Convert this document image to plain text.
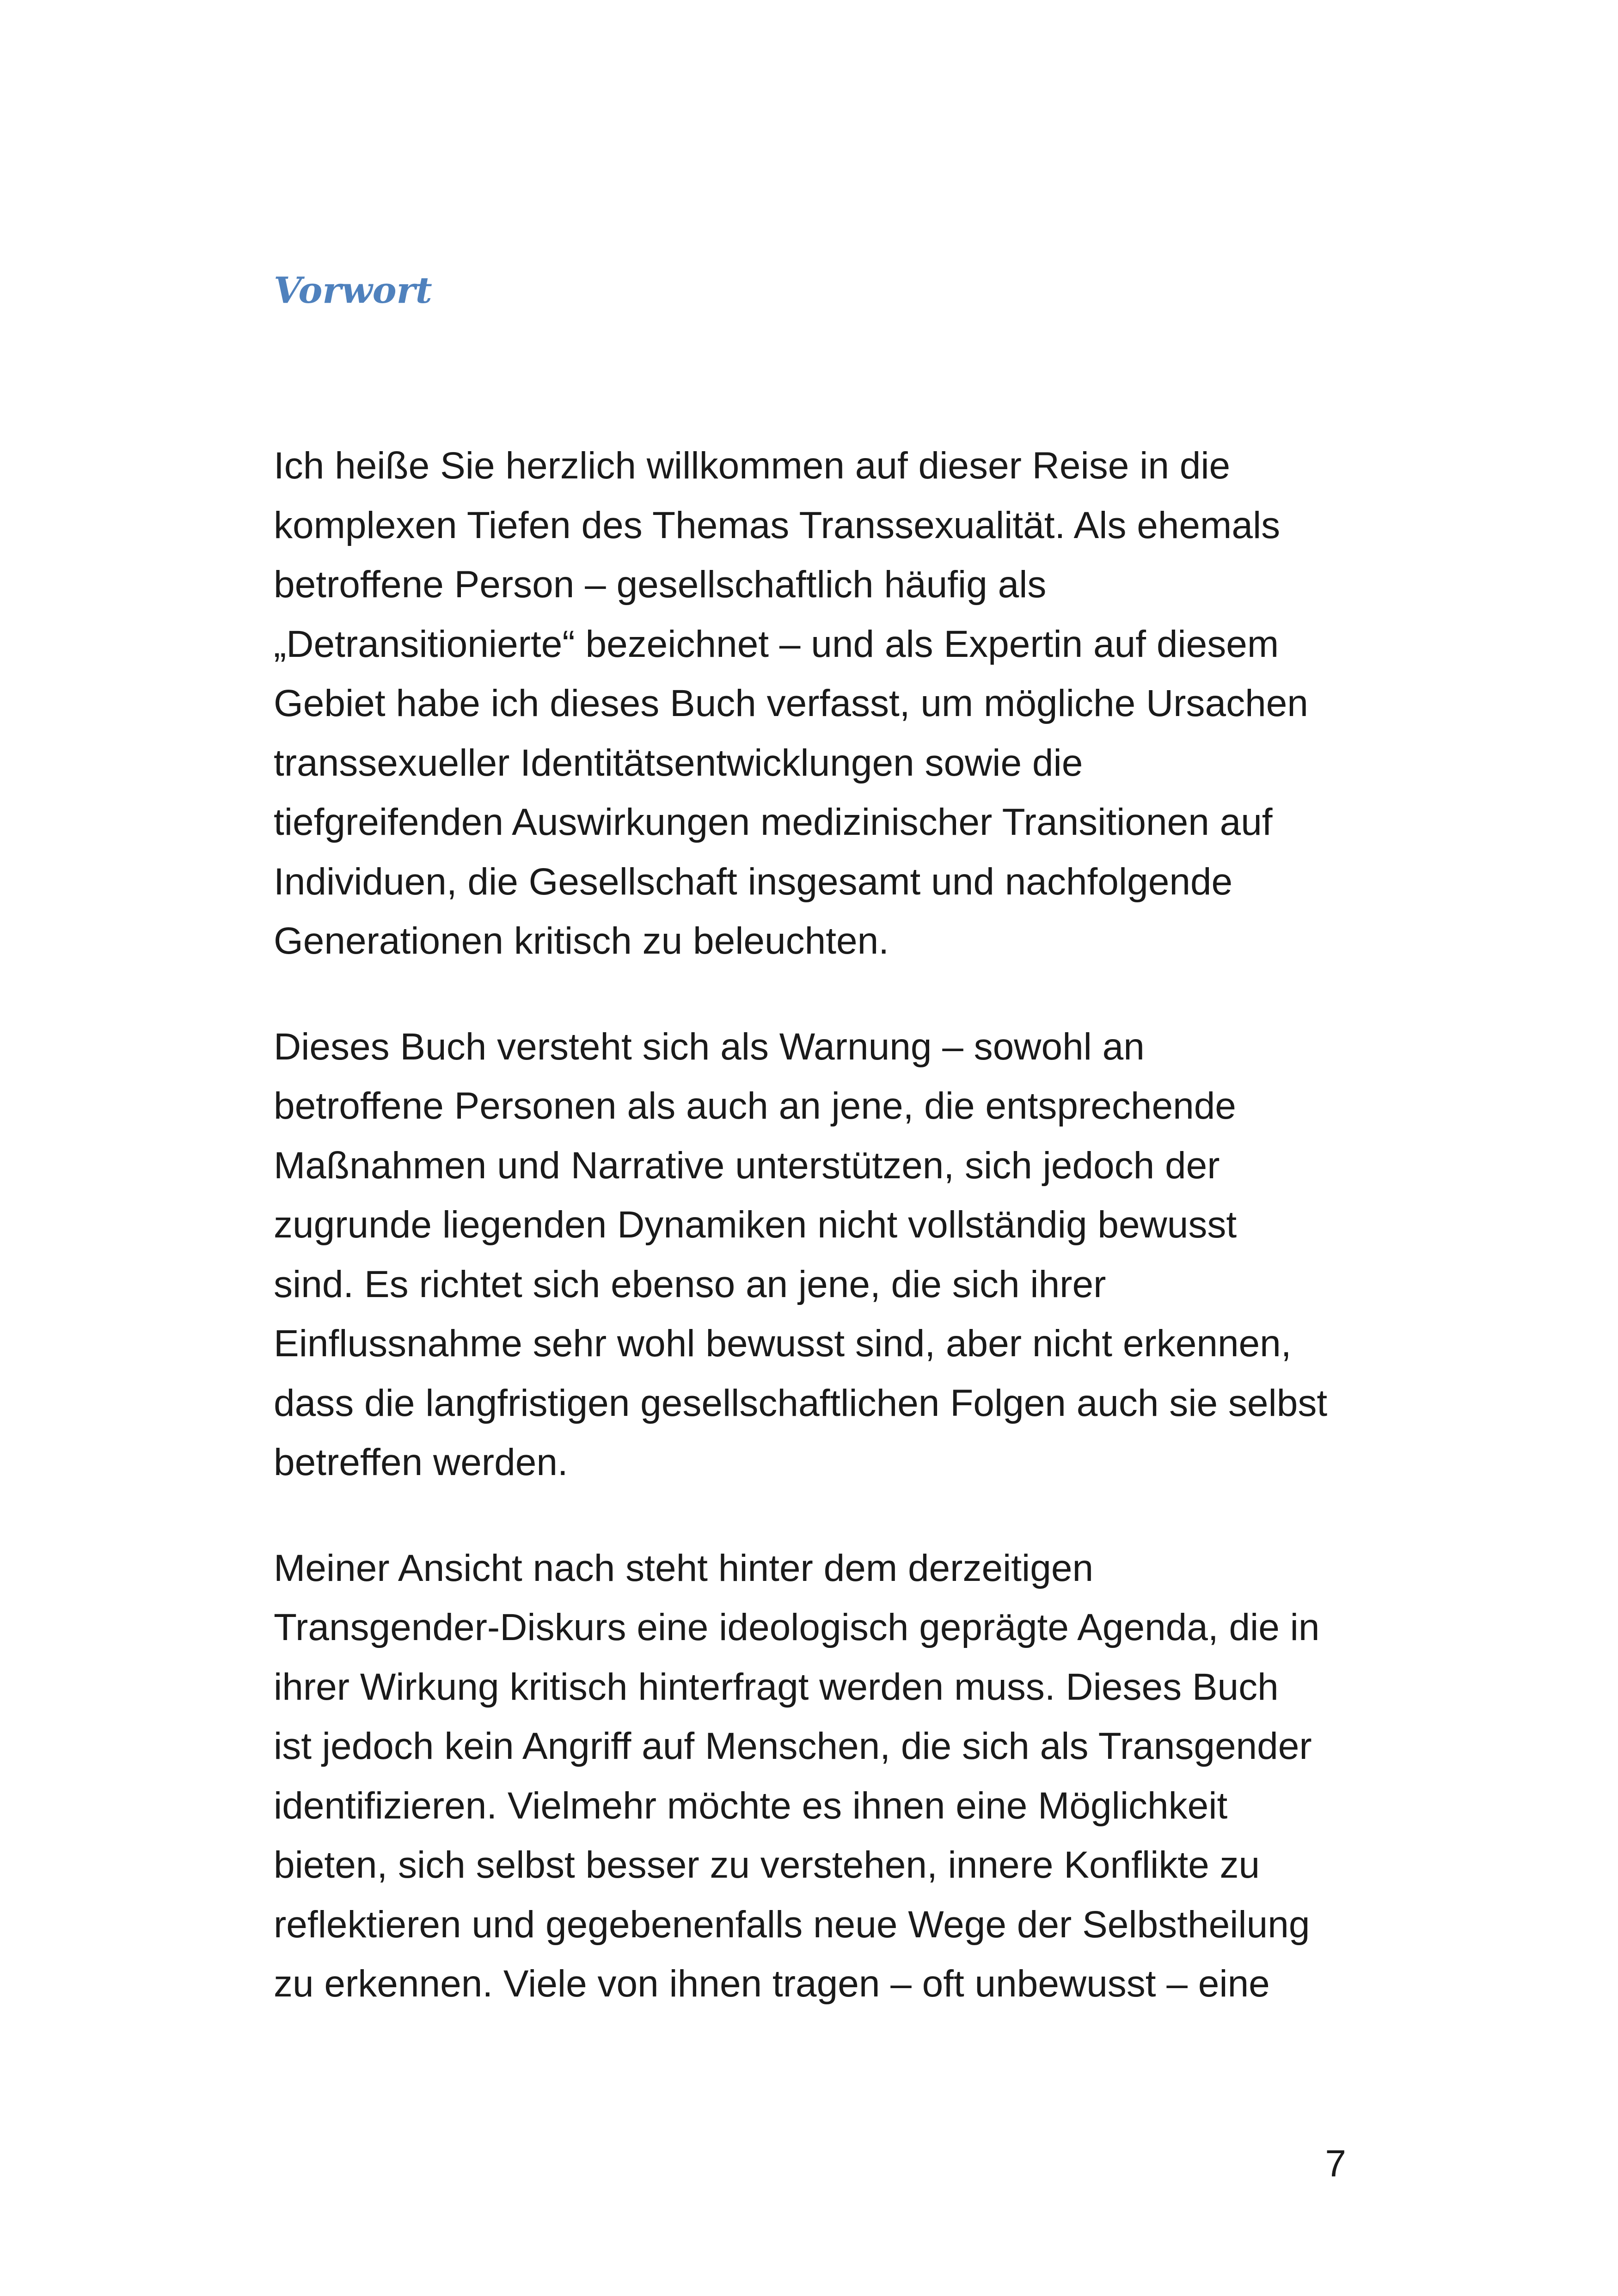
Vorwort

Ich heiße Sie herzlich willkommen auf dieser Reise in die
komplexen Tiefen des Themas Transsexualität. Als ehemals
betroffene Person – gesellschaftlich häufig als
„Detransitionierte“ bezeichnet – und als Expertin auf diesem
Gebiet habe ich dieses Buch verfasst, um mögliche Ursachen
transsexueller Identitätsentwicklungen sowie die
tiefgreifenden Auswirkungen medizinischer Transitionen auf
Individuen, die Gesellschaft insgesamt und nachfolgende
Generationen kritisch zu beleuchten.

Dieses Buch versteht sich als Warnung – sowohl an
betroffene Personen als auch an jene, die entsprechende
Maßnahmen und Narrative unterstützen, sich jedoch der
zugrunde liegenden Dynamiken nicht vollständig bewusst
sind. Es richtet sich ebenso an jene, die sich ihrer
Einflussnahme sehr wohl bewusst sind, aber nicht erkennen,
dass die langfristigen gesellschaftlichen Folgen auch sie selbst
betreffen werden.

Meiner Ansicht nach steht hinter dem derzeitigen
Transgender-Diskurs eine ideologisch geprägte Agenda, die in
ihrer Wirkung kritisch hinterfragt werden muss. Dieses Buch
ist jedoch kein Angriff auf Menschen, die sich als Transgender
identifizieren. Vielmehr möchte es ihnen eine Möglichkeit
bieten, sich selbst besser zu verstehen, innere Konflikte zu
reflektieren und gegebenenfalls neue Wege der Selbstheilung
zu erkennen. Viele von ihnen tragen – oft unbewusst – eine

7
